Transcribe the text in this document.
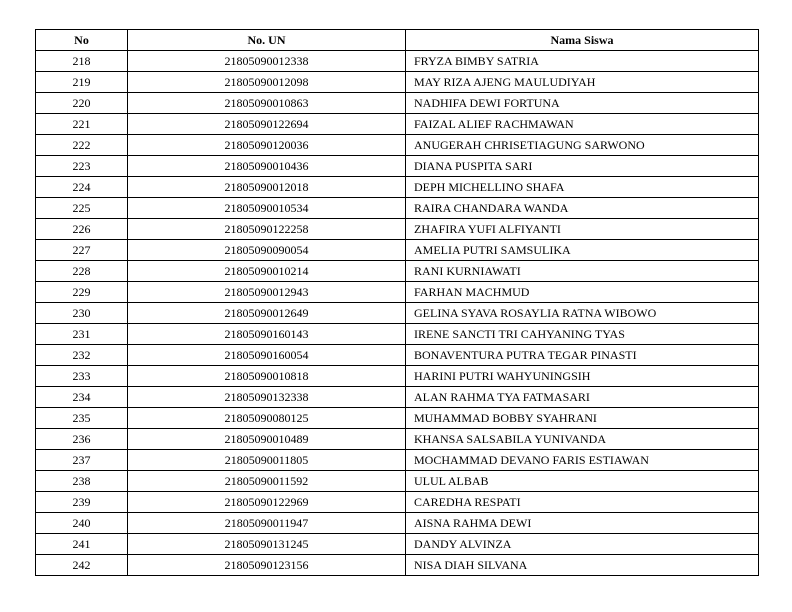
No	No. UN	Nama Siswa
218	21805090012338	FRYZA BIMBY SATRIA
219	21805090012098	MAY RIZA AJENG MAULUDIYAH
220	21805090010863	NADHIFA DEWI FORTUNA
221	21805090122694	FAIZAL ALIEF RACHMAWAN
222	21805090120036	ANUGERAH CHRISETIAGUNG SARWONO
223	21805090010436	DIANA PUSPITA SARI
224	21805090012018	DEPH MICHELLINO SHAFA
225	21805090010534	RAIRA CHANDARA WANDA
226	21805090122258	ZHAFIRA YUFI ALFIYANTI
227	21805090090054	AMELIA PUTRI SAMSULIKA
228	21805090010214	RANI KURNIAWATI
229	21805090012943	FARHAN MACHMUD
230	21805090012649	GELINA SYAVA ROSAYLIA RATNA WIBOWO
231	21805090160143	IRENE SANCTI TRI CAHYANING TYAS
232	21805090160054	BONAVENTURA PUTRA TEGAR PINASTI
233	21805090010818	HARINI PUTRI WAHYUNINGSIH
234	21805090132338	ALAN RAHMA TYA FATMASARI
235	21805090080125	MUHAMMAD BOBBY SYAHRANI
236	21805090010489	KHANSA SALSABILA YUNIVANDA
237	21805090011805	MOCHAMMAD DEVANO FARIS ESTIAWAN
238	21805090011592	ULUL ALBAB
239	21805090122969	CAREDHA RESPATI
240	21805090011947	AISNA RAHMA DEWI
241	21805090131245	DANDY ALVINZA
242	21805090123156	NISA DIAH SILVANA
